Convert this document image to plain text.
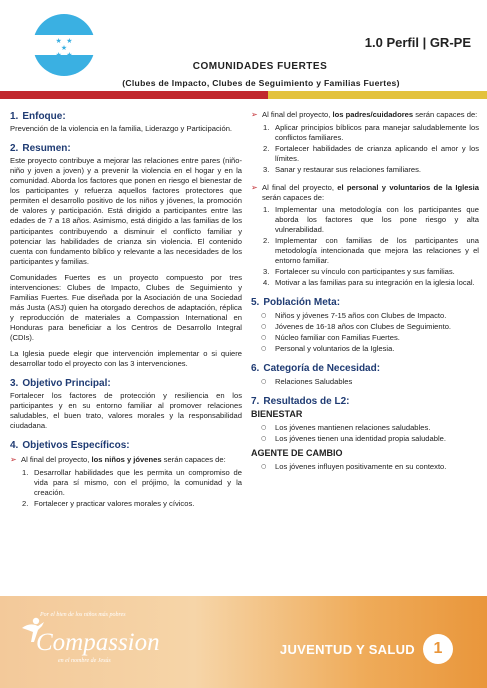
★  ★
★	1.0 Perfil | GR-PE
COMUNIDADES FUERTES
(Clubes de Impacto, Clubes de Seguimiento y Familias Fuertes)
1. Enfoque:

Prevención de la violencia en la familia, Liderazgo y Participación.

2. Resumen:

Este proyecto contribuye a mejorar las relaciones entre pares (niño-niño y joven a joven) y a prevenir la violencia en el hogar y en la comunidad. Aborda los factores que ponen en riesgo el bienestar de los participantes y refuerza aquellos factores protectores que permiten el desarrollo positivo de los niños y jóvenes, la promoción de valores y participación. Está dirigido a participantes entre las edades de 7 a 18 años. Asimismo, está dirigido a las familias de los participantes contribuyendo a disminuir el conflicto familiar y potenciar las habilidades de crianza sin violencia. El contenido cuenta con fundamento bíblico y relevante a las necesidades de los participantes y familias.

Comunidades Fuertes es un proyecto compuesto por tres intervenciones: Clubes de Impacto, Clubes de Seguimiento y Familias Fuertes. Fue diseñada por la Asociación de una Sociedad más Justa (ASJ) quien ha otorgado derechos de adaptación, réplica y reproducción de materiales a Compassion International en Honduras para beneficiar a los Centros de Desarrollo Integral (CDIs).

La Iglesia puede elegir que intervención implementar o si quiere desarrollar todo el proyecto con las 3 intervenciones.

3. Objetivo Principal:

Fortalecer los factores de protección y resiliencia en los participantes y en su entorno familiar al promover relaciones saludables, el buen trato, valores morales y la responsabilidad ciudadana.

4. Objetivos Específicos:
➢ Al final del proyecto, los niños y jóvenes serán capaces de:
1. Desarrollar habilidades que les permita un compromiso de vida para sí mismo, con el prójimo, la comunidad y la creación.
2. Fortalecer y practicar valores morales y cívicos.
➢ Al final del proyecto, los padres/cuidadores serán capaces de:
1. Aplicar principios bíblicos para manejar saludablemente los conflictos familiares.
2. Fortalecer habilidades de crianza aplicando el amor y los límites.
3. Sanar y restaurar sus relaciones familiares.
➢ Al final del proyecto, el personal y voluntarios de la Iglesia serán capaces de:
1. Implementar una metodología con los participantes que aborda los factores que los pone riesgo y alta vulnerabilidad.
2. Implementar con familias de los participantes una metodología intencionada que mejora las relaciones y el entorno familiar.
3. Fortalecer su vínculo con participantes y sus familias.
4. Motivar a las familias para su integración en la iglesia local.
5. Población Meta:
○	Niños y jóvenes 7-15 años con Clubes de Impacto.
○	Jóvenes de 16-18 años con Clubes de Seguimiento.
○	Núcleo familiar con Familias Fuertes.
○	Personal y voluntarios de la Iglesia.
6. Categoría de Necesidad:
○	Relaciones Saludables
7. Resultados de L2:
BIENESTAR
○	Los jóvenes mantienen relaciones saludables.
○	Los jóvenes tienen una identidad propia saludable.
AGENTE DE CAMBIO
○	Los jóvenes influyen positivamente en su contexto.
Por el bien de los niños más pobres
Compassion
en el nombre de Jesús
JUVENTUD Y SALUD	1
